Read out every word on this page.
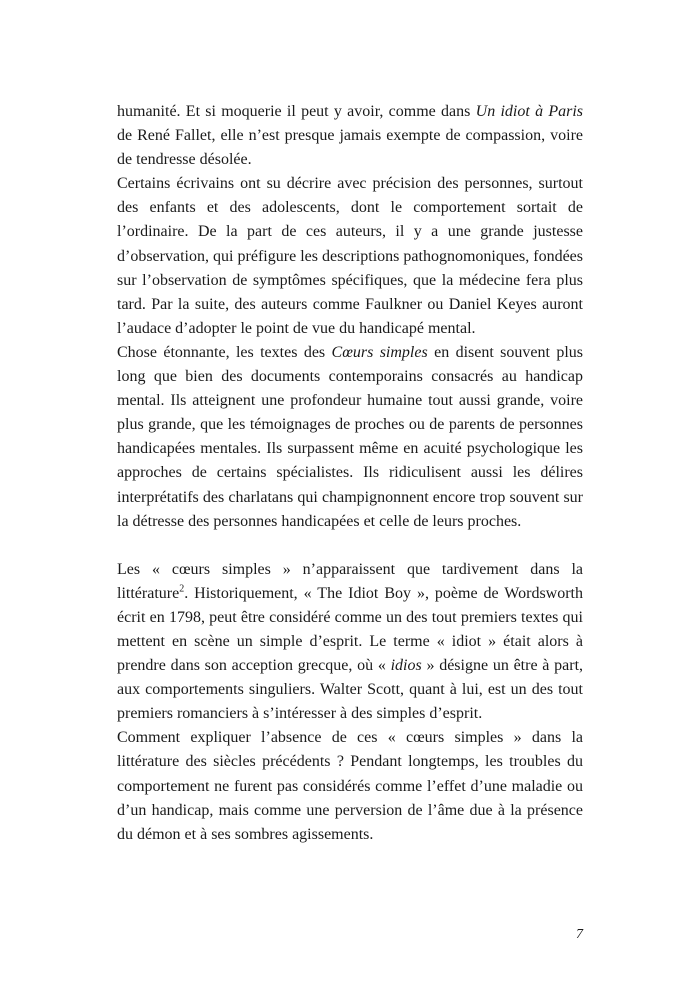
humanité. Et si moquerie il peut y avoir, comme dans Un idiot à Paris de René Fallet, elle n’est presque jamais exempte de compassion, voire de tendresse désolée.

Certains écrivains ont su décrire avec précision des personnes, surtout des enfants et des adolescents, dont le comportement sortait de l’ordinaire. De la part de ces auteurs, il y a une grande justesse d’observation, qui préfigure les descriptions pathognomoniques, fondées sur l’observation de symptômes spécifiques, que la médecine fera plus tard. Par la suite, des auteurs comme Faulkner ou Daniel Keyes auront l’audace d’adopter le point de vue du handicapé mental.

Chose étonnante, les textes des Cœurs simples en disent souvent plus long que bien des documents contemporains consacrés au handicap mental. Ils atteignent une profondeur humaine tout aussi grande, voire plus grande, que les témoignages de proches ou de parents de personnes handicapées mentales. Ils surpassent même en acuité psychologique les approches de certains spécialistes. Ils ridiculisent aussi les délires interprétatifs des charlatans qui champignonnent encore trop souvent sur la détresse des personnes handicapées et celle de leurs proches.

Les « cœurs simples » n’apparaissent que tardivement dans la littérature$^2$. Historiquement, « The Idiot Boy », poème de Wordsworth écrit en 1798, peut être considéré comme un des tout premiers textes qui mettent en scène un simple d’esprit. Le terme « idiot » était alors à prendre dans son acception grecque, où « idios » désigne un être à part, aux comportements singuliers. Walter Scott, quant à lui, est un des tout premiers romanciers à s’intéresser à des simples d’esprit.

Comment expliquer l’absence de ces « cœurs simples » dans la littérature des siècles précédents ? Pendant longtemps, les troubles du comportement ne furent pas considérés comme l’effet d’une maladie ou d’un handicap, mais comme une perversion de l’âme due à la présence du démon et à ses sombres agissements.

7
